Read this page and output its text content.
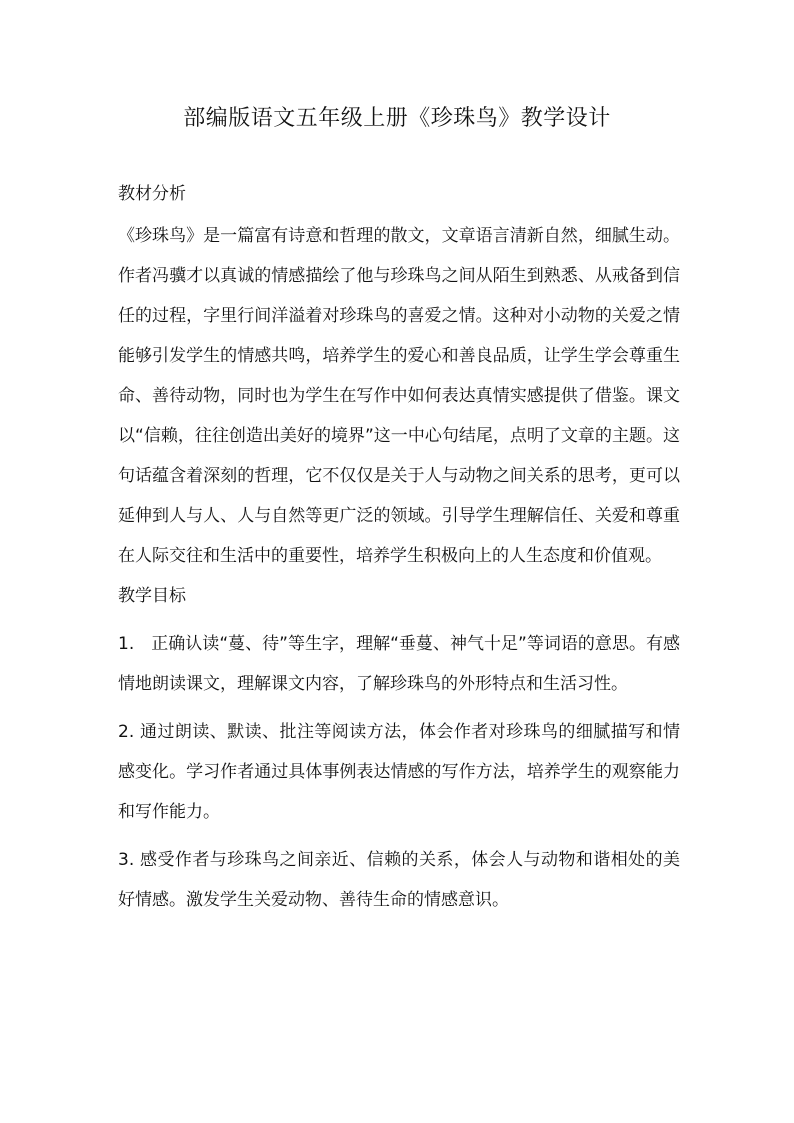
部编版语文五年级上册《珍珠鸟》教学设计
教材分析
《珍珠鸟》是一篇富有诗意和哲理的散文，文章语言清新自然，细腻生动。作者冯骥才以真诚的情感描绘了他与珍珠鸟之间从陌生到熟悉、从戒备到信任的过程，字里行间洋溢着对珍珠鸟的喜爱之情。这种对小动物的关爱之情能够引发学生的情感共鸣，培养学生的爱心和善良品质，让学生学会尊重生命、善待动物，同时也为学生在写作中如何表达真情实感提供了借鉴。课文以“信赖，往往创造出美好的境界”这一中心句结尾，点明了文章的主题。这句话蕴含着深刻的哲理，它不仅仅是关于人与动物之间关系的思考，更可以延伸到人与人、人与自然等更广泛的领域。引导学生理解信任、关爱和尊重在人际交往和生活中的重要性，培养学生积极向上的人生态度和价值观。
教学目标
1.　正确认读“蔓、待”等生字，理解“垂蔓、神气十足”等词语的意思。有感情地朗读课文，理解课文内容，了解珍珠鸟的外形特点和生活习性。
2. 通过朗读、默读、批注等阅读方法，体会作者对珍珠鸟的细腻描写和情感变化。学习作者通过具体事例表达情感的写作方法，培养学生的观察能力和写作能力。
3. 感受作者与珍珠鸟之间亲近、信赖的关系，体会人与动物和谐相处的美好情感。激发学生关爱动物、善待生命的情感意识。
